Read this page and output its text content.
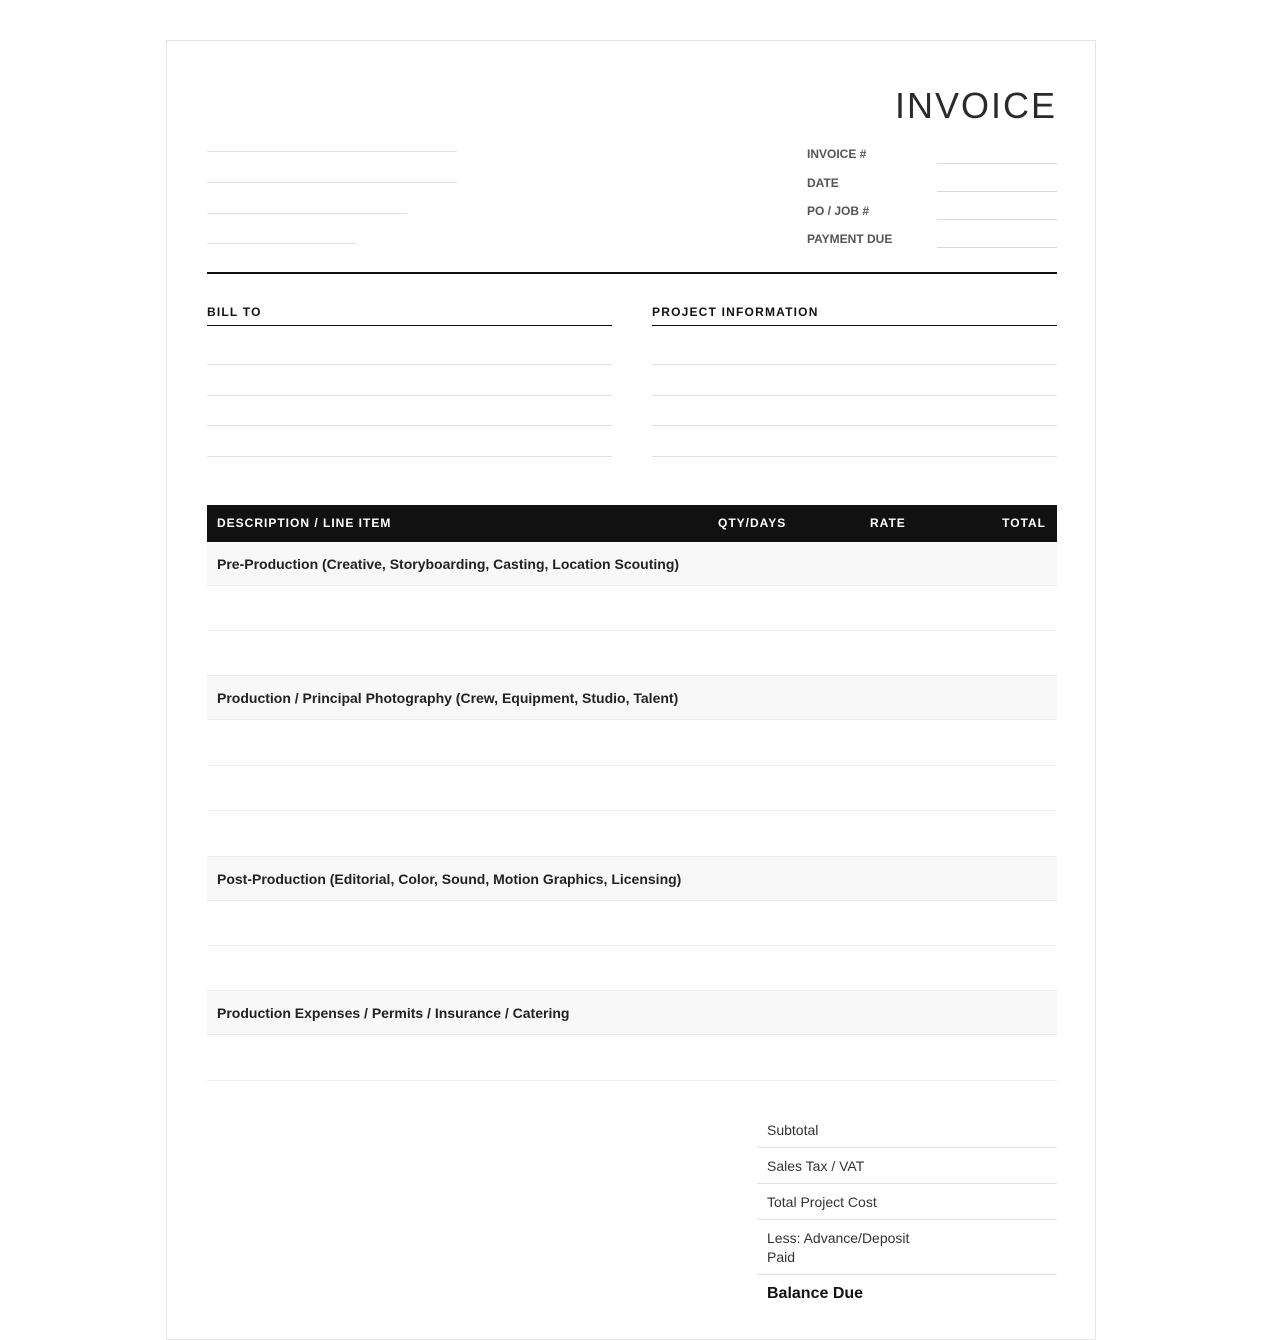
INVOICE
INVOICE #
DATE
PO / JOB #
PAYMENT DUE
BILL TO	PROJECT INFORMATION
DESCRIPTION / LINE ITEM	QTY/DAYS	RATE	TOTAL
Pre-Production (Creative, Storyboarding, Casting, Location Scouting)
Production / Principal Photography (Crew, Equipment, Studio, Talent)
Post-Production (Editorial, Color, Sound, Motion Graphics, Licensing)
Production Expenses / Permits / Insurance / Catering
Subtotal
Sales Tax / VAT
Total Project Cost
Less: Advance/Deposit Paid
Balance Due
